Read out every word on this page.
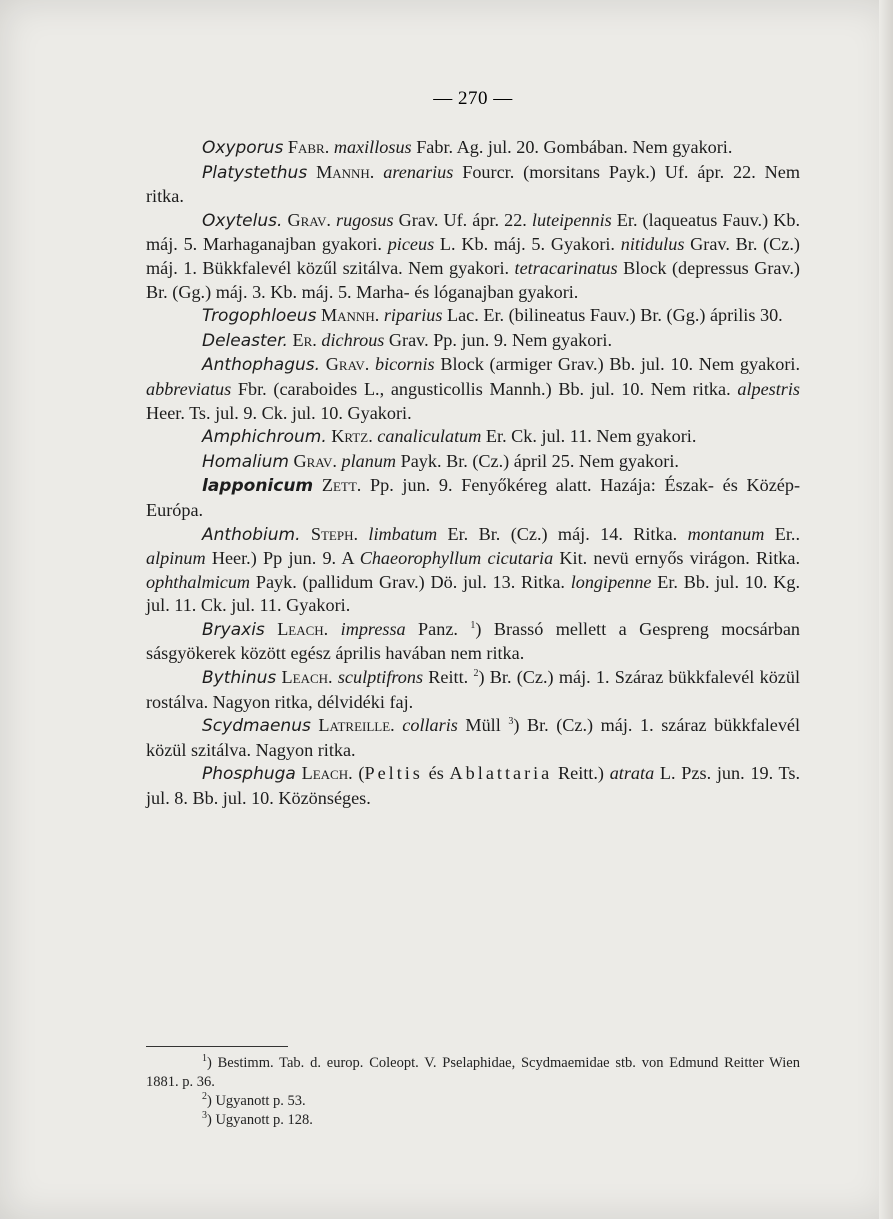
— 270 —

Oxyporus Fabr. maxillosus Fabr. Ag. jul. 20. Gombában. Nem gyakori.

Platystethus Mannh. arenarius Fourcr. (morsitans Payk.) Uf. ápr. 22. Nem ritka.

Oxytelus. Grav. rugosus Grav. Uf. ápr. 22. luteipennis Er. (laqueatus Fauv.) Kb. máj. 5. Marhaganajban gyakori. piceus L. Kb. máj. 5. Gyakori. nitidulus Grav. Br. (Cz.) máj. 1. Bükkfalevél közűl szitálva. Nem gyakori. tetracarinatus Block (depressus Grav.) Br. (Gg.) máj. 3. Kb. máj. 5. Marha- és lóganajban gyakori.

Trogophloeus Mannh. riparius Lac. Er. (bilineatus Fauv.) Br. (Gg.) április 30.

Deleaster. Er. dichrous Grav. Pp. jun. 9. Nem gyakori.

Anthophagus. Grav. bicornis Block (armiger Grav.) Bb. jul. 10. Nem gyakori. abbreviatus Fbr. (caraboides L., angusticollis Mannh.) Bb. jul. 10. Nem ritka. alpestris Heer. Ts. jul. 9. Ck. jul. 10. Gyakori.

Amphichroum. Krtz. canaliculatum Er. Ck. jul. 11. Nem gyakori.

Homalium Grav. planum Payk. Br. (Cz.) ápril 25. Nem gyakori.

lapponicum Zett. Pp. jun. 9. Fenyőkéreg alatt. Hazája: Észak- és Közép-Európa.

Anthobium. Steph. limbatum Er. Br. (Cz.) máj. 14. Ritka. montanum Er.. alpinum Heer.) Pp jun. 9. A Chaeorophyllum cicutaria Kit. nevü ernyős virágon. Ritka. ophthalmicum Payk. (pallidum Grav.) Dö. jul. 13. Ritka. longipenne Er. Bb. jul. 10. Kg. jul. 11. Ck. jul. 11. Gyakori.

Bryaxis Leach. impressa Panz. $^1$) Brassó mellett a Gespreng mocsárban sásgyökerek között egész április havában nem ritka.

Bythinus Leach. sculptifrons Reitt. $^2$) Br. (Cz.) máj. 1. Száraz bükkfalevél közül rostálva. Nagyon ritka, délvidéki faj.

Scydmaenus Latreille. collaris Müll $^3$) Br. (Cz.) máj. 1. száraz bükkfalevél közül szitálva. Nagyon ritka.

Phosphuga Leach. (Peltis és Ablattaria Reitt.) atrata L. Pzs. jun. 19. Ts. jul. 8. Bb. jul. 10. Közönséges.

$^1$) Bestimm. Tab. d. europ. Coleopt. V. Pselaphidae, Scydmaemidae stb. von Edmund Reitter Wien 1881. p. 36.

$^2$) Ugyanott p. 53.

$^3$) Ugyanott p. 128.
